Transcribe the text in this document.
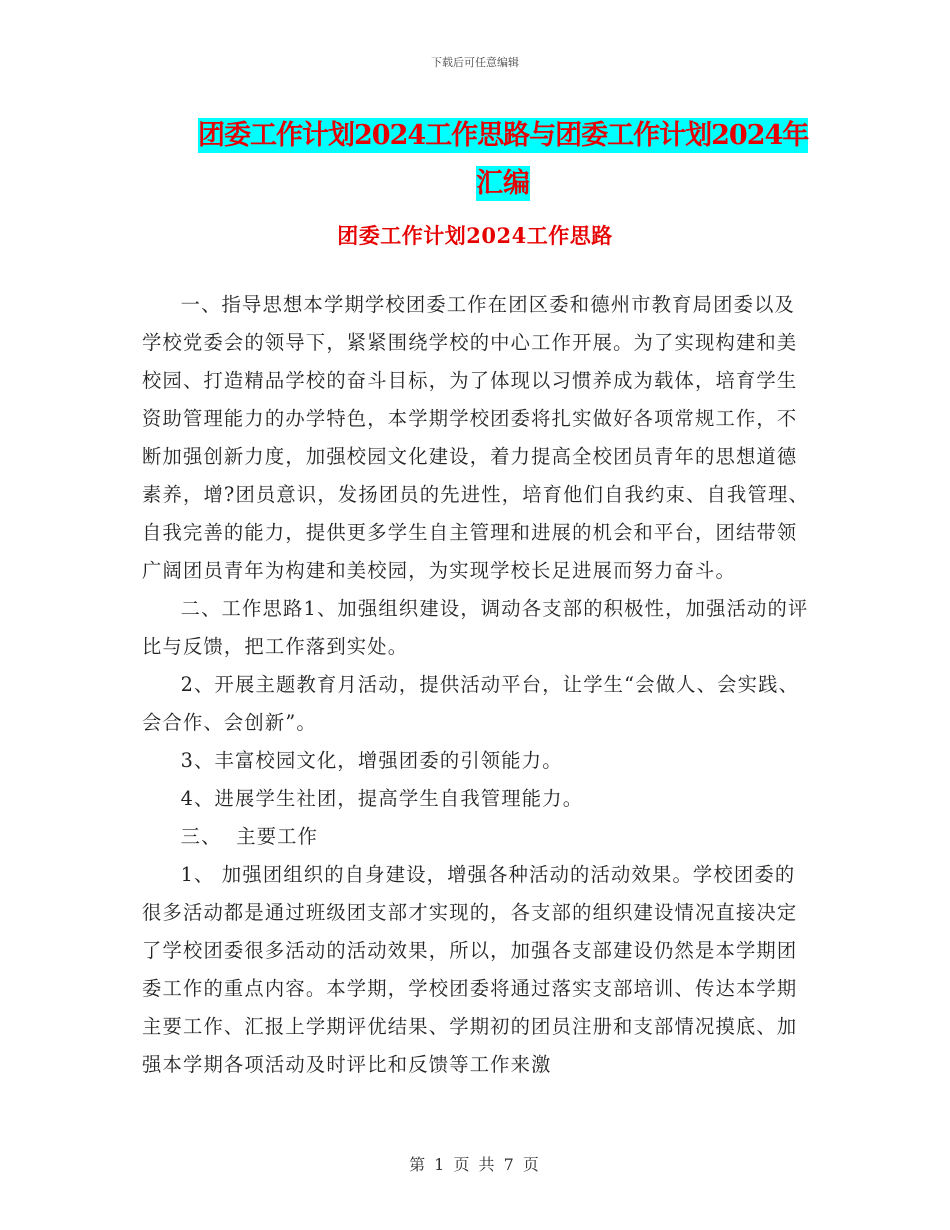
下载后可任意编辑
团委工作计划2024工作思路与团委工作计划2024年
汇编
团委工作计划2024工作思路

一、指导思想本学期学校团委工作在团区委和德州市教育局团委以及学校党委会的领导下，紧紧围绕学校的中心工作开展。为了实现构建和美校园、打造精品学校的奋斗目标，为了体现以习惯养成为载体，培育学生资助管理能力的办学特色，本学期学校团委将扎实做好各项常规工作，不断加强创新力度，加强校园文化建设，着力提高全校团员青年的思想道德素养，增?团员意识，发扬团员的先进性，培育他们自我约束、自我管理、自我完善的能力，提供更多学生自主管理和进展的机会和平台，团结带领广阔团员青年为构建和美校园，为实现学校长足进展而努力奋斗。

二、工作思路1、加强组织建设，调动各支部的积极性，加强活动的评比与反馈，把工作落到实处。

2、开展主题教育月活动，提供活动平台，让学生“会做人、会实践、会合作、会创新”。

3、丰富校园文化，增强团委的引领能力。

4、进展学生社团，提高学生自我管理能力。

三、  主要工作

1、 加强团组织的自身建设，增强各种活动的活动效果。学校团委的很多活动都是通过班级团支部才实现的，各支部的组织建设情况直接决定了学校团委很多活动的活动效果，所以，加强各支部建设仍然是本学期团委工作的重点内容。本学期，学校团委将通过落实支部培训、传达本学期主要工作、汇报上学期评优结果、学期初的团员注册和支部情况摸底、加强本学期各项活动及时评比和反馈等工作来激

第 1 页 共 7 页
